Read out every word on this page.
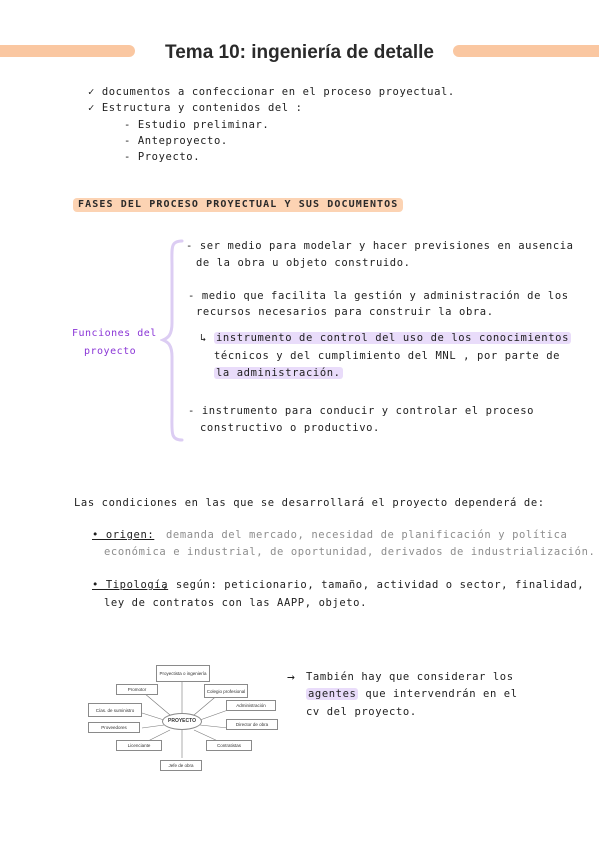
Tema 10: ingeniería de detalle
✓ documentos a confeccionar en el proceso proyectual.
✓ Estructura y contenidos del :
- Estudio preliminar.
- Anteproyecto.
- Proyecto.
FASES DEL PROCESO PROYECTUAL Y SUS DOCUMENTOS
Funciones del
proyecto
- ser medio para modelar y hacer previsiones en ausencia
de la obra u objeto construido.
- medio que facilita la gestión y administración de los
recursos necesarios para construir la obra.
↳ instrumento de control del uso de los conocimientos
técnicos y del cumplimiento del MNL , por parte de
la administración.
- instrumento para conducir y controlar el proceso
constructivo o productivo.
Las condiciones en las que se desarrollará el proyecto dependerá de:
• origen: demanda del mercado, necesidad de planificación y política
económica e industrial, de oportunidad, derivados de industrialización.
• Tipología
, según: peticionario, tamaño, actividad o sector, finalidad,
ley de contratos con las AAPP, objeto.
Proyectista o ingeniería
Promotor	Colegio profesional
Cías. de suministro
Administración
PROYECTO
Proveedores
Director de obra
Licenciante	Contratistas
Jefe de obra
→ También hay que considerar los
agentes que intervendrán en el
cv del proyecto.
